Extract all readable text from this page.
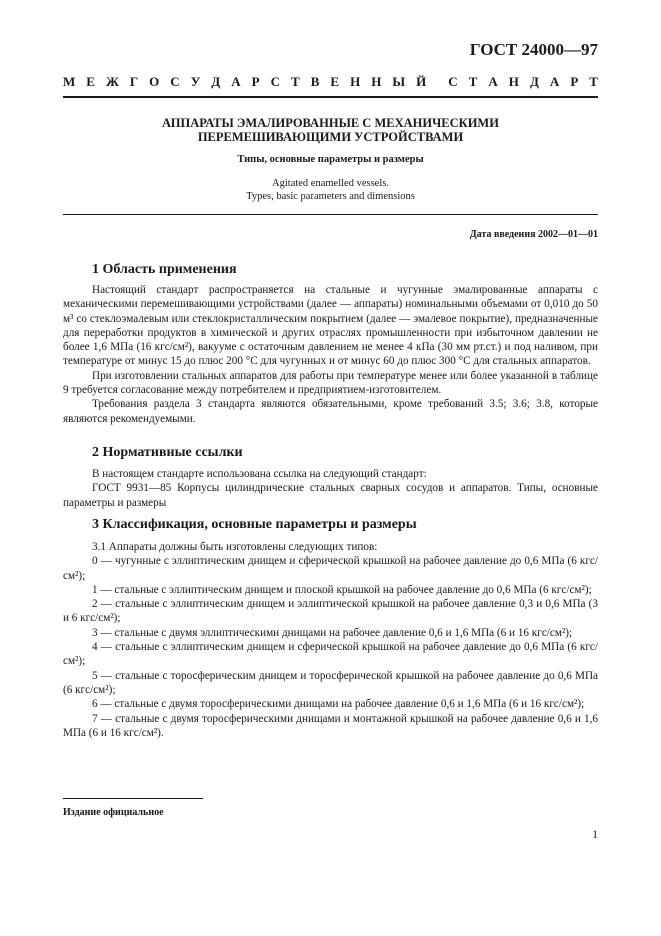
ГОСТ 24000—97
М Е Ж Г О С У Д А Р С Т В Е Н Н Ы Й С Т А Н Д А Р Т
АППАРАТЫ ЭМАЛИРОВАННЫЕ С МЕХАНИЧЕСКИМИ
ПЕРЕМЕШИВАЮЩИМИ УСТРОЙСТВАМИ
Типы, основные параметры и размеры
Agitated enamelled vessels.
Types, basic parameters and dimensions
Дата введения 2002—01—01
1 Область применения

Настоящий стандарт распространяется на стальные и чугунные эмалированные аппараты с механическими перемешивающими устройствами (далее — аппараты) номинальными объемами от 0,010 до 50 м³ со стеклоэмалевым или стеклокристаллическим покрытием (далее — эмалевое покрытие), предназначенные для переработки продуктов в химической и других отраслях промышленности при избыточном давлении не более 1,6 МПа (16 кгс/см²), вакууме с остаточным давлением не менее 4 кПа (30 мм рт.ст.) и под наливом, при температуре от минус 15 до плюс 200 °С для чугунных и от минус 60 до плюс 300 °С для стальных аппаратов.

При изготовлении стальных аппаратов для работы при температуре менее или более указанной в таблице 9 требуется согласование между потребителем и предприятием-изготовителем.

Требования раздела 3 стандарта являются обязательными, кроме требований 3.5; 3.6; 3.8, которые являются рекомендуемыми.

2 Нормативные ссылки

В настоящем стандарте использована ссылка на следующий стандарт:

ГОСТ 9931—85 Корпусы цилиндрические стальных сварных сосудов и аппаратов. Типы, основные параметры и размеры

3 Классификация, основные параметры и размеры

3.1 Аппараты должны быть изготовлены следующих типов:

0 — чугунные с эллиптическим днищем и сферической крышкой на рабочее давление до 0,6 МПа (6 кгс/см²);

1 — стальные с эллиптическим днищем и плоской крышкой на рабочее давление до 0,6 МПа (6 кгс/см²);

2 — стальные с эллиптическим днищем и эллиптической крышкой на рабочее давление 0,3 и 0,6 МПа (3 и 6 кгс/см²);

3 — стальные с двумя эллиптическими днищами на рабочее давление 0,6 и 1,6 МПа (6 и 16 кгс/см²);

4 — стальные с эллиптическим днищем и сферической крышкой на рабочее давление до 0,6 МПа (6 кгс/см²);

5 — стальные с торосферическим днищем и торосферической крышкой на рабочее давление до 0,6 МПа (6 кгс/см²);

6 — стальные с двумя торосферическими днищами на рабочее давление 0,6 и 1,6 МПа (6 и 16 кгс/см²);

7 — стальные с двумя торосферическими днищами и монтажной крышкой на рабочее давление 0,6 и 1,6 МПа (6 и 16 кгс/см²).

Издание официальное
1
